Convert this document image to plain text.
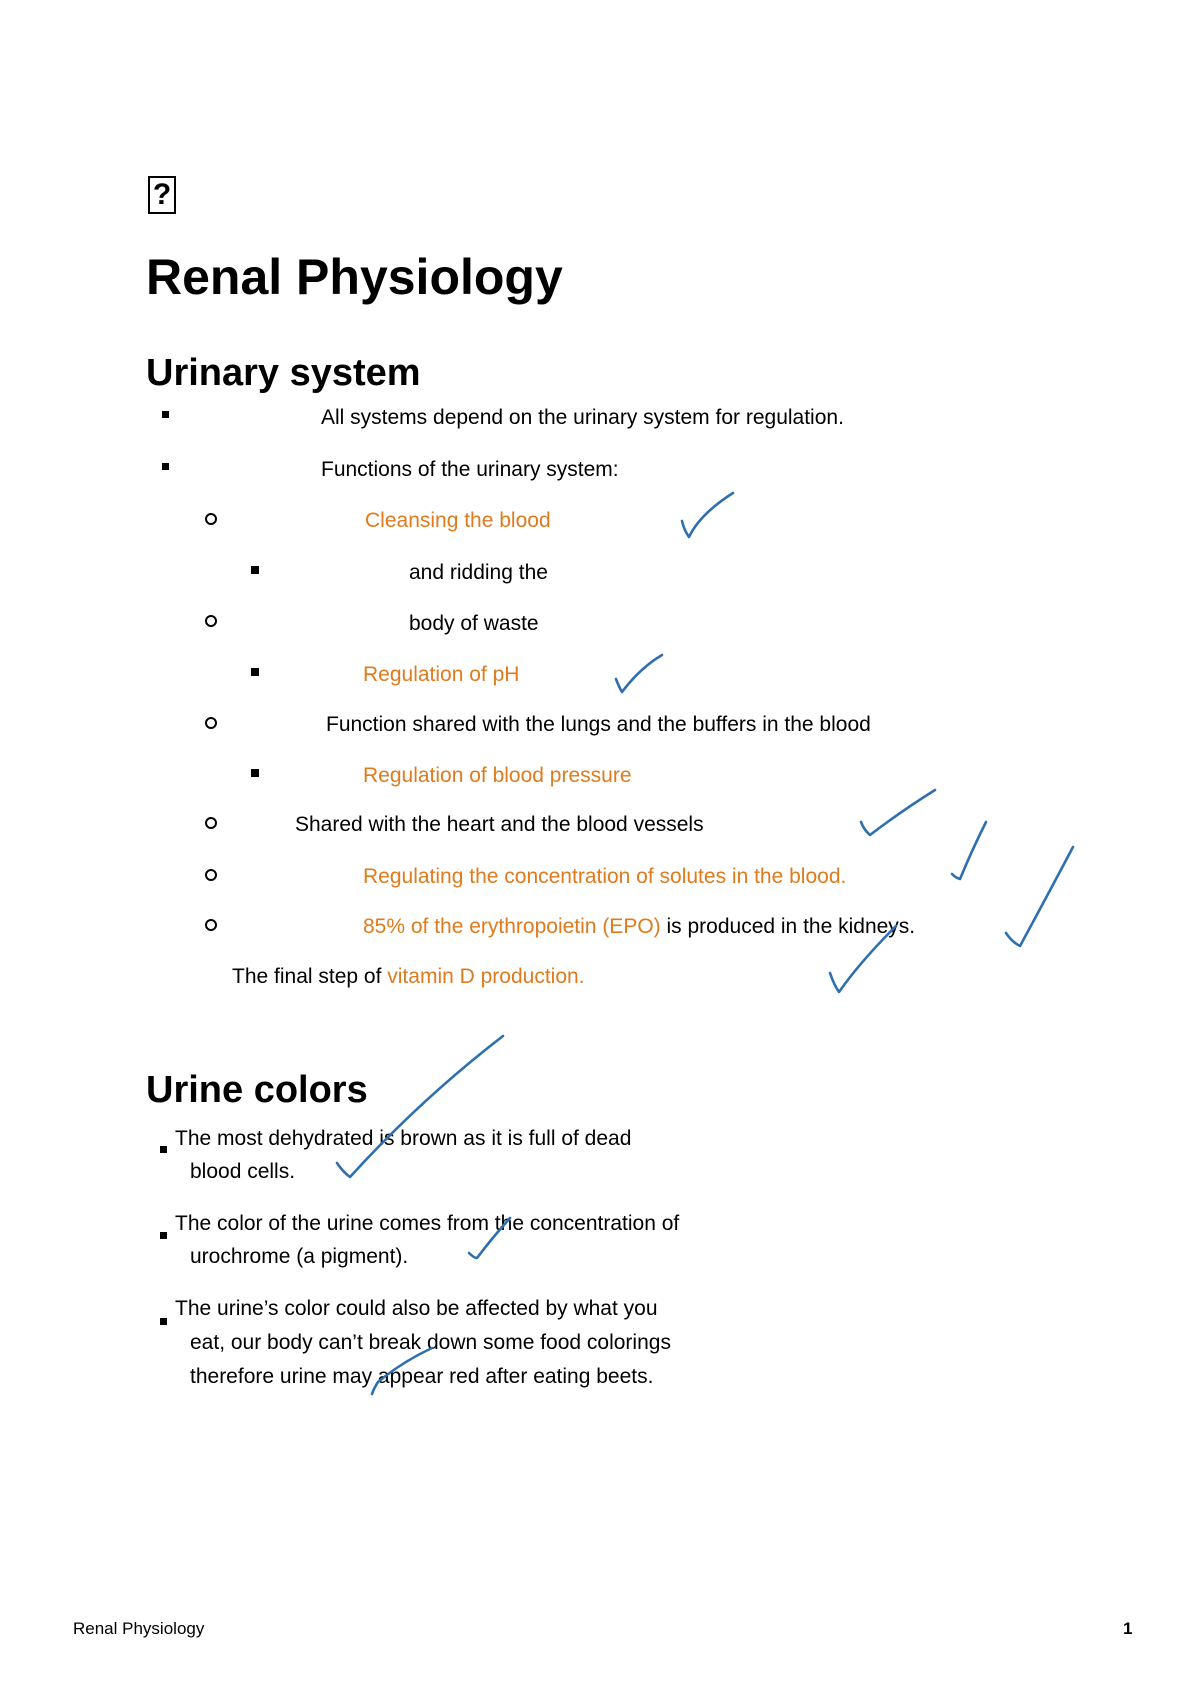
?
Renal Physiology
Urinary system
All systems depend on the urinary system for regulation.
Functions of the urinary system:
Cleansing the blood
and ridding the
body of waste
Regulation of pH
Function shared with the lungs and the buffers in the blood
Regulation of blood pressure
Shared with the heart and the blood vessels
Regulating the concentration of solutes in the blood.
85% of the erythropoietin (EPO) is produced in the kidneys.
The final step of vitamin D production.
Urine colors
The most dehydrated is brown as it is full of dead
blood cells.
The color of the urine comes from the concentration of
urochrome (a pigment).
The urine’s color could also be affected by what you
eat, our body can’t break down some food colorings
therefore urine may appear red after eating beets.
Renal Physiology	1
